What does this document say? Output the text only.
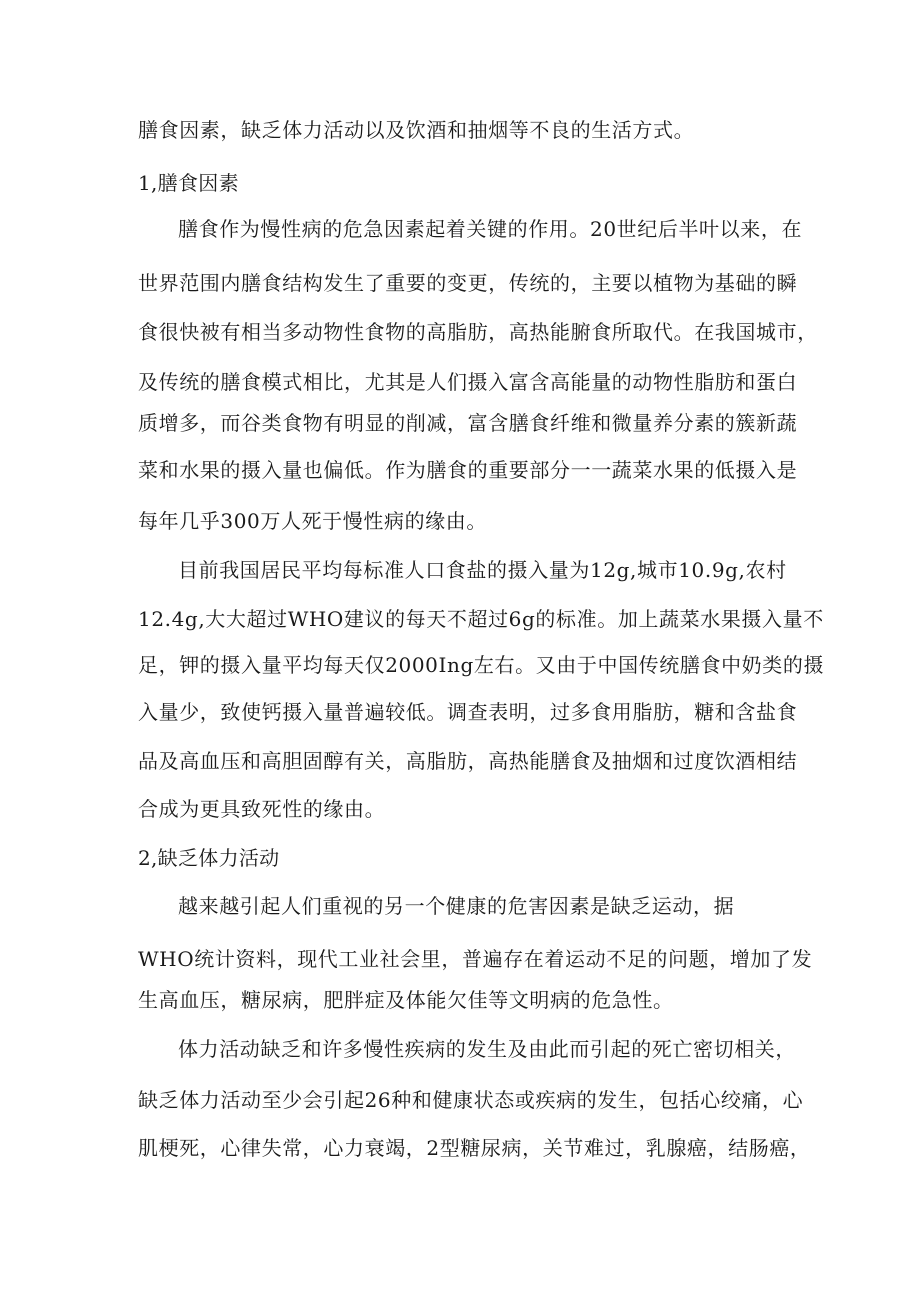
膳食因素，缺乏体力活动以及饮酒和抽烟等不良的生活方式。
1,膳食因素
膳食作为慢性病的危急因素起着关键的作用。20世纪后半叶以来，在
世界范围内膳食结构发生了重要的变更，传统的，主要以植物为基础的瞬
食很快被有相当多动物性食物的高脂肪，高热能腑食所取代。在我国城市，
及传统的膳食模式相比，尤其是人们摄入富含高能量的动物性脂肪和蛋白
质增多，而谷类食物有明显的削减，富含膳食纤维和微量养分素的簇新蔬
菜和水果的摄入量也偏低。作为膳食的重要部分一一蔬菜水果的低摄入是
每年几乎300万人死于慢性病的缘由。
目前我国居民平均每标准人口食盐的摄入量为12g,城市10.9g,农村
12.4g,大大超过WHO建议的每天不超过6g的标准。加上蔬菜水果摄入量不
足，钾的摄入量平均每天仅2000Ing左右。又由于中国传统膳食中奶类的摄
入量少，致使钙摄入量普遍较低。调查表明，过多食用脂肪，糖和含盐食
品及高血压和高胆固醇有关，高脂肪，高热能膳食及抽烟和过度饮酒相结
合成为更具致死性的缘由。
2,缺乏体力活动
越来越引起人们重视的另一个健康的危害因素是缺乏运动，据
WHO统计资料，现代工业社会里，普遍存在着运动不足的问题，增加了发
生高血压，糖尿病，肥胖症及体能欠佳等文明病的危急性。
体力活动缺乏和许多慢性疾病的发生及由此而引起的死亡密切相关，
缺乏体力活动至少会引起26种和健康状态或疾病的发生，包括心绞痛，心
肌梗死，心律失常，心力衰竭，2型糖尿病，关节难过，乳腺癌，结肠癌，
